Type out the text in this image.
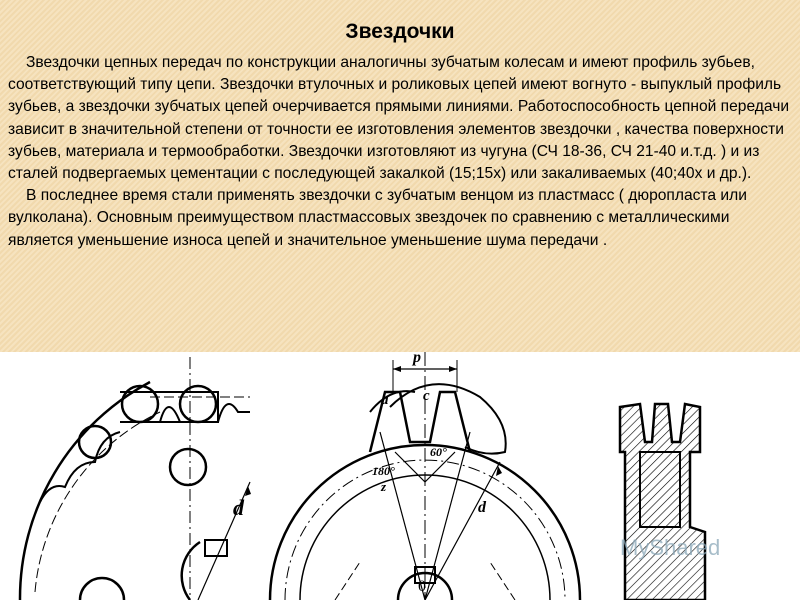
Звездочки

Звездочки цепных передач по конструкции аналогичны зубчатым колесам и имеют профиль зубьев, соответствующий типу цепи. Звездочки втулочных и роликовых цепей имеют вогнуто - выпуклый профиль зубьев, а звездочки зубчатых цепей очерчивается прямыми линиями. Работоспособность цепной передачи зависит в значительной степени от точности ее изготовления элементов звездочки , качества поверхности зубьев, материала и термообработки. Звездочки изготовляют из чугуна (СЧ 18-36, СЧ 21-40 и.т.д. ) и из сталей подвергаемых цементации с последующей закалкой (15;15х) или закаливаемых (40;40х и др.).

В последнее время стали применять звездочки с зубчатым венцом из пластмасс ( дюропласта или вулколана). Основным преимуществом пластмассовых звездочек по сравнению с металлическими является уменьшение износа цепей и значительное уменьшение шума передачи .

d
p
a c
180°
z
60°
d
0
MyShared
